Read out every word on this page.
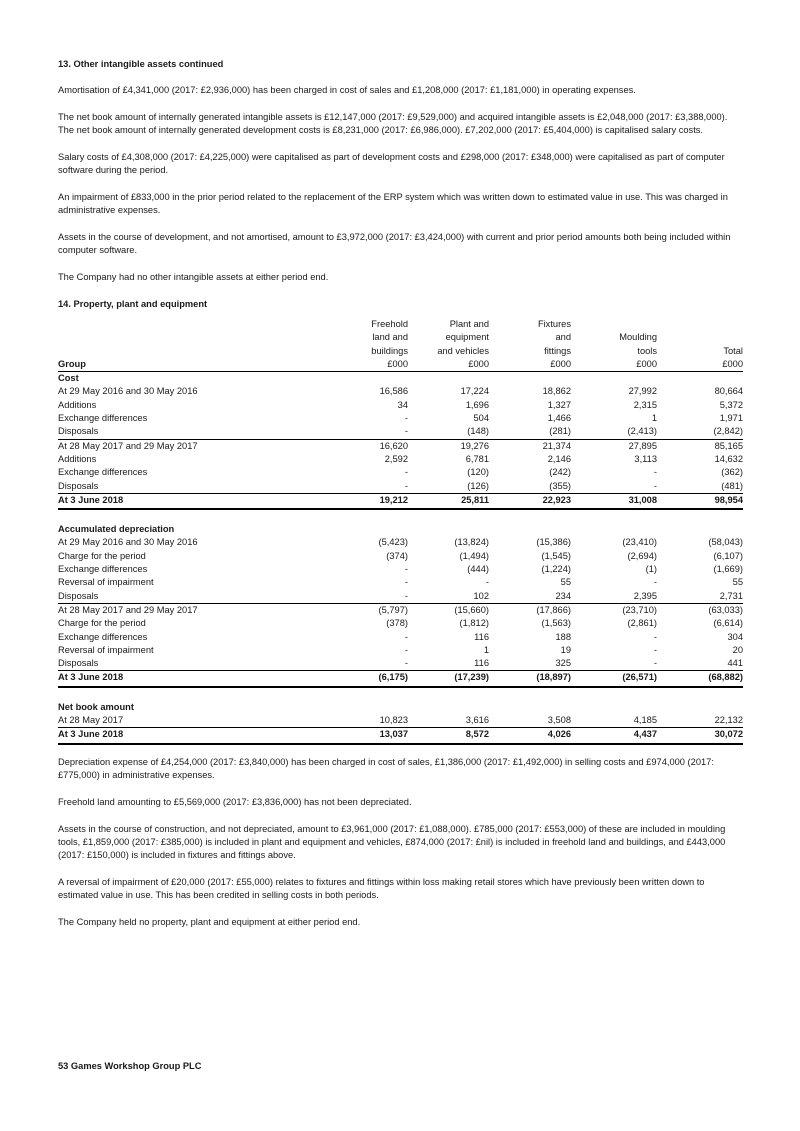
13. Other intangible assets continued

Amortisation of £4,341,000 (2017: £2,936,000) has been charged in cost of sales and £1,208,000 (2017: £1,181,000) in operating expenses.

The net book amount of internally generated intangible assets is £12,147,000 (2017: £9,529,000) and acquired intangible assets is £2,048,000 (2017: £3,388,000). The net book amount of internally generated development costs is £8,231,000 (2017: £6,986,000). £7,202,000 (2017: £5,404,000) is capitalised salary costs.

Salary costs of £4,308,000 (2017: £4,225,000) were capitalised as part of development costs and £298,000 (2017: £348,000) were capitalised as part of computer software during the period.

An impairment of £833,000 in the prior period related to the replacement of the ERP system which was written down to estimated value in use. This was charged in administrative expenses.

Assets in the course of development, and not amortised, amount to £3,972,000 (2017: £3,424,000) with current and prior period amounts both being included within computer software.

The Company had no other intangible assets at either period end.

14. Property, plant and equipment
	Freehold	Plant and	Fixtures		
	land and	equipment	and	Moulding	
	buildings	and vehicles	fittings	tools	Total
Group	£000	£000	£000	£000	£000
Cost					
At 29 May 2016 and 30 May 2016	16,586	17,224	18,862	27,992	80,664
Additions	34	1,696	1,327	2,315	5,372
Exchange differences	-	504	1,466	1	1,971
Disposals	-	(148)	(281)	(2,413)	(2,842)
At 28 May 2017 and 29 May 2017	16,620	19,276	21,374	27,895	85,165
Additions	2,592	6,781	2,146	3,113	14,632
Exchange differences	-	(120)	(242)	-	(362)
Disposals	-	(126)	(355)	-	(481)
At 3 June 2018	19,212	25,811	22,923	31,008	98,954

Accumulated depreciation					
At 29 May 2016 and 30 May 2016	(5,423)	(13,824)	(15,386)	(23,410)	(58,043)
Charge for the period	(374)	(1,494)	(1,545)	(2,694)	(6,107)
Exchange differences	-	(444)	(1,224)	(1)	(1,669)
Reversal of impairment	-	-	55	-	55
Disposals	-	102	234	2,395	2,731
At 28 May 2017 and 29 May 2017	(5,797)	(15,660)	(17,866)	(23,710)	(63,033)
Charge for the period	(378)	(1,812)	(1,563)	(2,861)	(6,614)
Exchange differences	-	116	188	-	304
Reversal of impairment	-	1	19	-	20
Disposals	-	116	325	-	441
At 3 June 2018	(6,175)	(17,239)	(18,897)	(26,571)	(68,882)

Net book amount					
At 28 May 2017	10,823	3,616	3,508	4,185	22,132
At 3 June 2018	13,037	8,572	4,026	4,437	30,072

Depreciation expense of £4,254,000 (2017: £3,840,000) has been charged in cost of sales, £1,386,000 (2017: £1,492,000) in selling costs and £974,000 (2017: £775,000) in administrative expenses.

Freehold land amounting to £5,569,000 (2017: £3,836,000) has not been depreciated.

Assets in the course of construction, and not depreciated, amount to £3,961,000 (2017: £1,088,000). £785,000 (2017: £553,000) of these are included in moulding tools, £1,859,000 (2017: £385,000) is included in plant and equipment and vehicles, £874,000 (2017: £nil) is included in freehold land and buildings, and £443,000 (2017: £150,000) is included in fixtures and fittings above.

A reversal of impairment of £20,000 (2017: £55,000) relates to fixtures and fittings within loss making retail stores which have previously been written down to estimated value in use. This has been credited in selling costs in both periods.

The Company held no property, plant and equipment at either period end.

53 Games Workshop Group PLC
